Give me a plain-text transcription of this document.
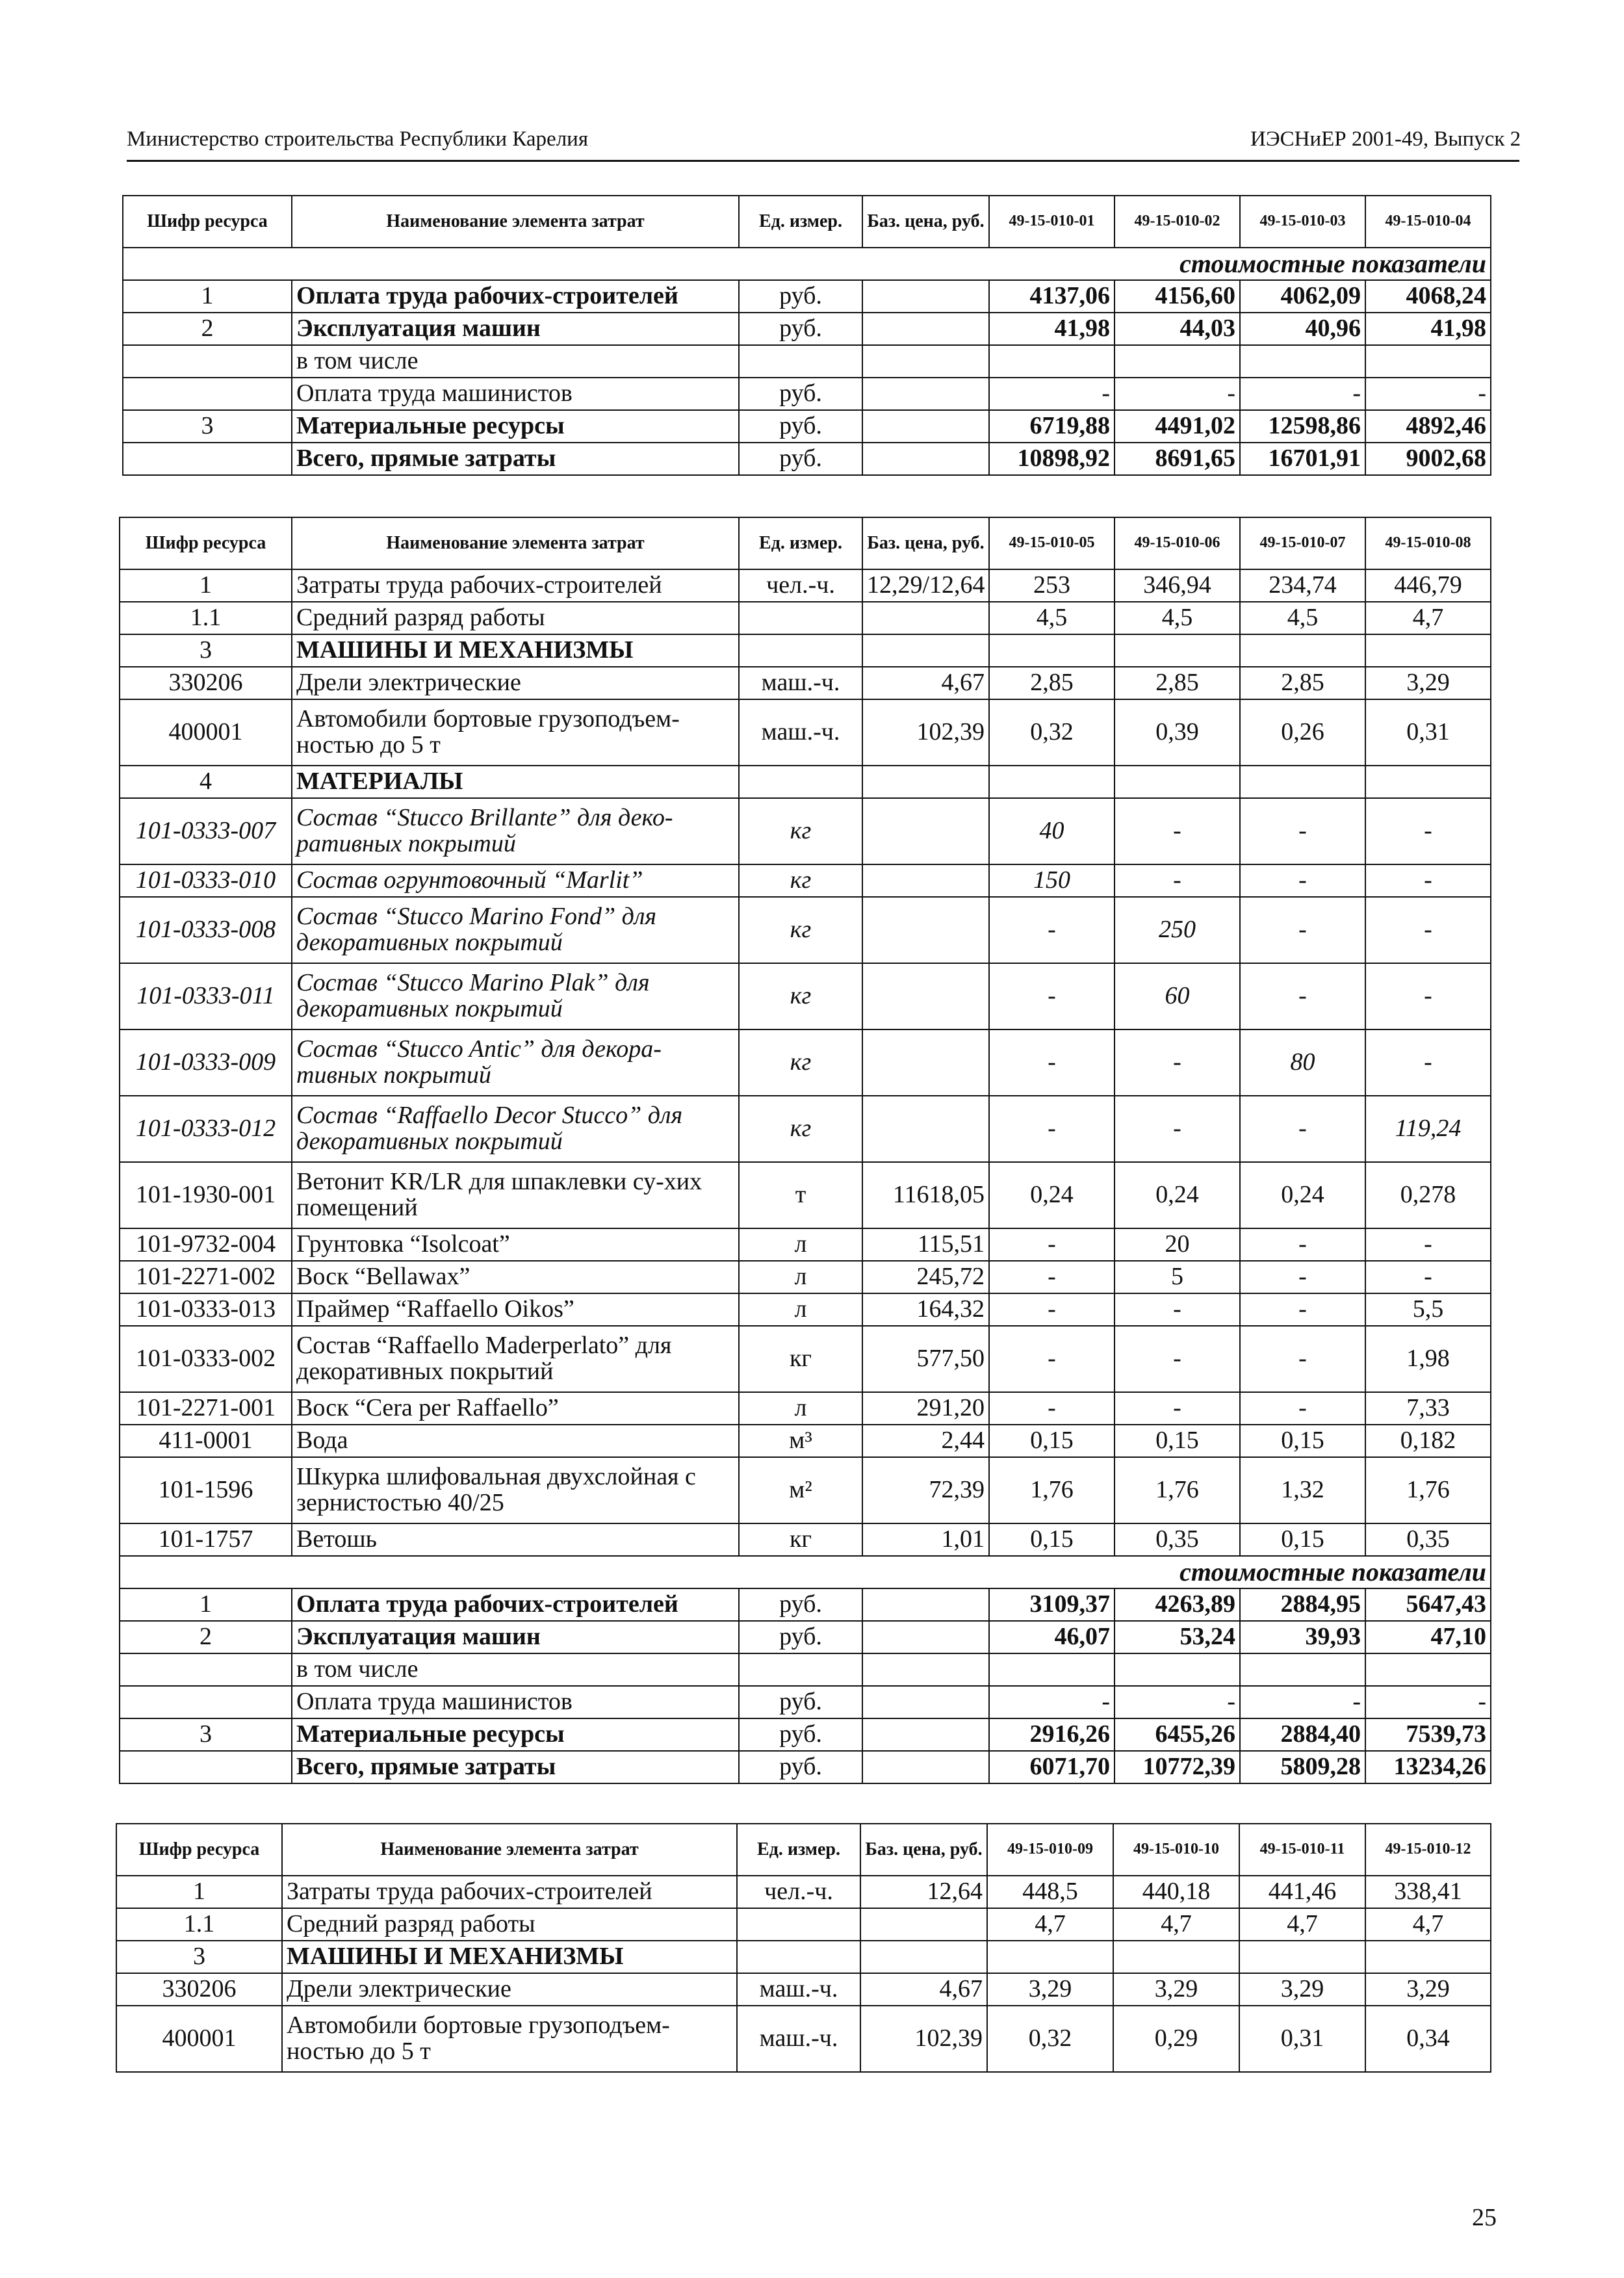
Министерство строительства Республики Карелия	ИЭСНиЕР 2001-49, Выпуск 2
Шифр ресурса	Наименование элемента затрат	Ед. измер.	Баз. цена, руб.	49-15-010-01	49-15-010-02	49-15-010-03	49-15-010-04
стоимостные показатели							
1	Оплата труда рабочих-строителей	руб.		4137,06	4156,60	4062,09	4068,24
2	Эксплуатация машин	руб.		41,98	44,03	40,96	41,98
	в том числе						
	Оплата труда машинистов	руб.		-	-	-	-
3	Материальные ресурсы	руб.		6719,88	4491,02	12598,86	4892,46
	Всего, прямые затраты	руб.		10898,92	8691,65	16701,91	9002,68
Шифр ресурса	Наименование элемента затрат	Ед. измер.	Баз. цена, руб.	49-15-010-05	49-15-010-06	49-15-010-07	49-15-010-08
1	Затраты труда рабочих-строителей	чел.-ч.	12,29/12,64	253	346,94	234,74	446,79
1.1	Средний разряд работы			4,5	4,5	4,5	4,7
3	МАШИНЫ И МЕХАНИЗМЫ						
330206	Дрели электрические	маш.-ч.	4,67	2,85	2,85	2,85	3,29
400001	Автомобили бортовые грузоподъем-ностью до 5 т	маш.-ч.	102,39	0,32	0,39	0,26	0,31
4	МАТЕРИАЛЫ						
101-0333-007	Состав “Stucco Brillante” для деко-ративных покрытий	кг		40	-	-	-
101-0333-010	Состав огрунтовочный “Marlit”	кг		150	-	-	-
101-0333-008	Состав “Stucco Marino Fond” для декоративных покрытий	кг		-	250	-	-
101-0333-011	Состав “Stucco Marino Plak” для декоративных покрытий	кг		-	60	-	-
101-0333-009	Состав “Stucco Antic” для декора-тивных покрытий	кг		-	-	80	-
101-0333-012	Состав “Raffaello Decor Stucco” для декоративных покрытий	кг		-	-	-	119,24
101-1930-001	Ветонит KR/LR для шпаклевки су-хих помещений	т	11618,05	0,24	0,24	0,24	0,278
101-9732-004	Грунтовка “Isolcoat”	л	115,51	-	20	-	-
101-2271-002	Воск “Bellawax”	л	245,72	-	5	-	-
101-0333-013	Праймер “Raffaello Oikos”	л	164,32	-	-	-	5,5
101-0333-002	Состав “Raffaello Maderperlato” для декоративных покрытий	кг	577,50	-	-	-	1,98
101-2271-001	Воск “Cera per Raffaello”	л	291,20	-	-	-	7,33
411-0001	Вода	м³	2,44	0,15	0,15	0,15	0,182
101-1596	Шкурка шлифовальная двухслойная с зернистостью 40/25	м²	72,39	1,76	1,76	1,32	1,76
101-1757	Ветошь	кг	1,01	0,15	0,35	0,15	0,35
стоимостные показатели							
1	Оплата труда рабочих-строителей	руб.		3109,37	4263,89	2884,95	5647,43
2	Эксплуатация машин	руб.		46,07	53,24	39,93	47,10
	в том числе						
	Оплата труда машинистов	руб.		-	-	-	-
3	Материальные ресурсы	руб.		2916,26	6455,26	2884,40	7539,73
	Всего, прямые затраты	руб.		6071,70	10772,39	5809,28	13234,26
Шифр ресурса	Наименование элемента затрат	Ед. измер.	Баз. цена, руб.	49-15-010-09	49-15-010-10	49-15-010-11	49-15-010-12
1	Затраты труда рабочих-строителей	чел.-ч.	12,64	448,5	440,18	441,46	338,41
1.1	Средний разряд работы			4,7	4,7	4,7	4,7
3	МАШИНЫ И МЕХАНИЗМЫ						
330206	Дрели электрические	маш.-ч.	4,67	3,29	3,29	3,29	3,29
400001	Автомобили бортовые грузоподъем-ностью до 5 т	маш.-ч.	102,39	0,32	0,29	0,31	0,34
25
